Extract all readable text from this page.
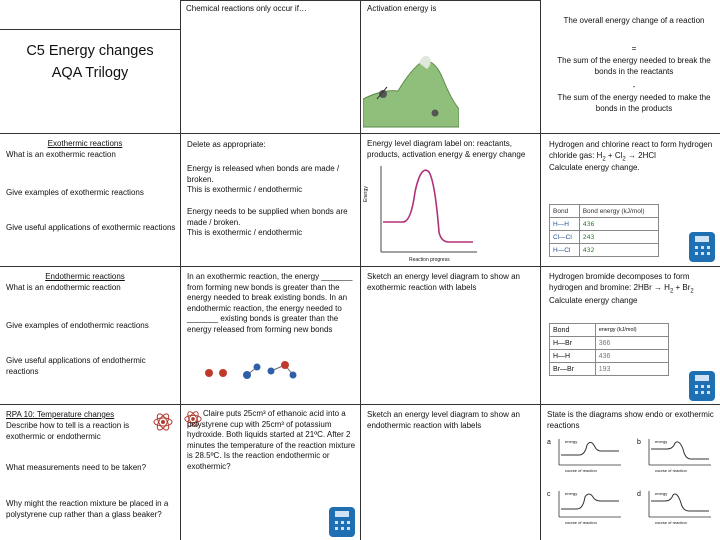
Chemical reactions only occur if…	Activation energy is
The overall energy change of a reaction
=
The sum of the energy needed to break the bonds in the reactants
-
The sum of the energy needed to make the bonds in the products
C5 Energy changes
AQA Trilogy
Exothermic reactions
What is an exothermic reaction
Give examples of exothermic reactions
Give useful applications of exothermic reactions
Delete as appropriate:
Energy is released when bonds are made / broken.
This is exothermic / endothermic
Energy needs to be supplied when bonds are made / broken.
This is exothermic / endothermic
Energy level diagram label on: reactants, products, activation energy & energy change
Energy
Reaction progress
Hydrogen and chlorine react to form hydrogen chloride gas: $H_2 + Cl_2 \to 2HCl$
Calculate energy change.
Bond	Bond energy (kJ/mol)
H—H	436
Cl—Cl	243
H—Cl	432
Endothermic reactions
What is an endothermic reaction
Give examples of endothermic reactions
Give useful applications of endothermic reactions
In an exothermic reaction, the energy _______ from forming new bonds is greater than the energy needed to break existing bonds. In an endothermic reaction, the energy needed to _______ existing bonds is greater than the energy released from forming new bonds
Sketch an energy level diagram to show an exothermic reaction with labels
Hydrogen bromide decomposes to form hydrogen and bromine: $2HBr \to H_2 + Br_2$
Calculate energy change
Bond	energy (kJ/mol)
H—Br	366
H—H	436
Br—Br	193
RPA 10: Temperature changes
Describe how to tell is a reaction is exothermic or endothermic
What measurements need to be taken?
Why might the reaction mixture be placed in a polystyrene cup rather than a glass beaker?
Claire puts 25cm³ of ethanoic acid into a polystyrene cup with 25cm³ of potassium hydroxide. Both liquids started at 21ºC. After 2 minutes the temperature of the reaction mixture is 28.5ºC. Is the reaction endothermic or exothermic?
Sketch an energy level diagram to show an endothermic reaction with labels
State is the diagrams show endo or exothermic reactions
a	energy
course of reaction
b	energy
course of reaction
c	energy
course of reaction
d	energy
course of reaction
